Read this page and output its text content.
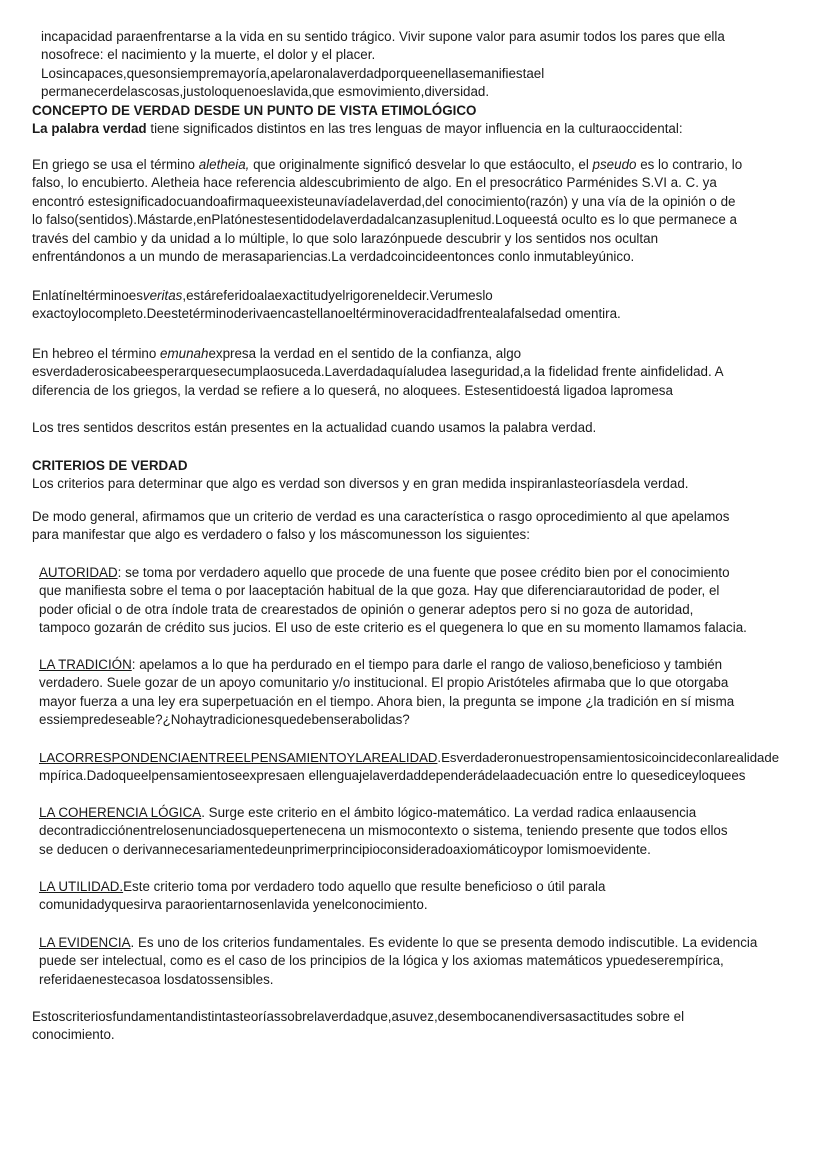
incapacidad paraenfrentarse a la vida en su sentido trágico. Vivir supone valor para asumir todos los pares que ella

nosofrece: el nacimiento y la muerte, el dolor y el placer.

Losincapaces,quesonsiempremayoría,apelaronalaverdadporqueenellasemanifiestael

permanecerdelascosas,justoloquenoeslavida,que esmovimiento,diversidad.

CONCEPTO DE VERDAD DESDE UN PUNTO DE VISTA ETIMOLÓGICO

La palabra verdad tiene significados distintos en las tres lenguas de mayor influencia en la culturaoccidental:

En griego se usa el término aletheia, que originalmente significó desvelar lo que estáoculto, el pseudo es lo contrario, lo

falso, lo encubierto. Aletheia hace referencia aldescubrimiento de algo. En el presocrático Parménides S.VI a. C. ya

encontró estesignificadocuandoafirmaqueexisteunavíadelaverdad,del conocimiento(razón) y una vía de la opinión o de

lo falso(sentidos).Mástarde,enPlatónestesentidodelaverdadalcanzasuplenitud.Loqueestá oculto es lo que permanece a

través del cambio y da unidad a lo múltiple, lo que solo larazónpuede descubrir y los sentidos nos ocultan

enfrentándonos a un mundo de merasapariencias.La verdadcoincideentonces conlo inmutableyúnico.

Enlatíneltérminoesveritas,estáreferidoalaexactitudyelrigoreneldecir.Verumeslo

exactoylocompleto.Deestetérminoderivaencastellanoeltérminoveracidadfrentealafalsedad omentira.

En hebreo el término emunahexpresa la verdad en el sentido de la confianza, algo

esverdaderosicabeesperarquesecumplaosuceda.Laverdadaquíaludea laseguridad,a la fidelidad frente ainfidelidad. A

diferencia de los griegos, la verdad se refiere a lo queserá, no aloquees. Estesentidoestá ligadoa lapromesa

Los tres sentidos descritos están presentes en la actualidad cuando usamos la palabra verdad.

CRITERIOS DE VERDAD

Los criterios para determinar que algo es verdad son diversos y en gran medida inspiranlasteoríasdela verdad.

De modo general, afirmamos que un criterio de verdad es una característica o rasgo oprocedimiento al que apelamos

para manifestar que algo es verdadero o falso y los máscomunesson los siguientes:

AUTORIDAD: se toma por verdadero aquello que procede de una fuente que posee crédito bien por el conocimiento

que manifiesta sobre el tema o por laaceptación habitual de la que goza. Hay que diferenciarautoridad de poder, el

poder oficial o de otra índole trata de crearestados de opinión o generar adeptos pero si no goza de autoridad,

tampoco gozarán de crédito sus jucios. El uso de este criterio es el quegenera lo que en su momento llamamos falacia.

LA TRADICIÓN: apelamos a lo que ha perdurado en el tiempo para darle el rango de valioso,beneficioso y también

verdadero. Suele gozar de un apoyo comunitario y/o institucional. El propio Aristóteles afirmaba que lo que otorgaba

mayor fuerza a una ley era superpetuación en el tiempo. Ahora bien, la pregunta se impone ¿la tradición en sí misma

essiempredeseable?¿Nohaytradicionesquedebenserabolidas?

LACORRESPONDENCIAENTREELPENSAMIENTOYLAREALIDAD.Esverdaderonuestropensamientosicoincideconlarealidade

mpírica.Dadoqueelpensamientoseexpresaen ellenguajelaverdaddependerádelaadecuación entre lo quesediceyloquees

LA COHERENCIA LÓGICA. Surge este criterio en el ámbito lógico-matemático. La verdad radica enlaausencia

decontradicciónentrelosenunciadosquepertenecena un mismocontexto o sistema, teniendo presente que todos ellos

se deducen o derivannecesariamentedeunprimerprincipioconsideradoaxiomáticoypor lomismoevidente.

LA UTILIDAD.Este criterio toma por verdadero todo aquello que resulte beneficioso o útil parala

comunidadyquesirva paraorientarnosenlavida yenelconocimiento.

LA EVIDENCIA. Es uno de los criterios fundamentales. Es evidente lo que se presenta demodo indiscutible. La evidencia

puede ser intelectual, como es el caso de los principios de la lógica y los axiomas matemáticos ypuedeserempírica,

referidaenestecasoa losdatossensibles.

Estoscriteriosfundamentandistintasteoríassobrelaverdadque,asuvez,desembocanendiversasactitudes sobre el

conocimiento.
